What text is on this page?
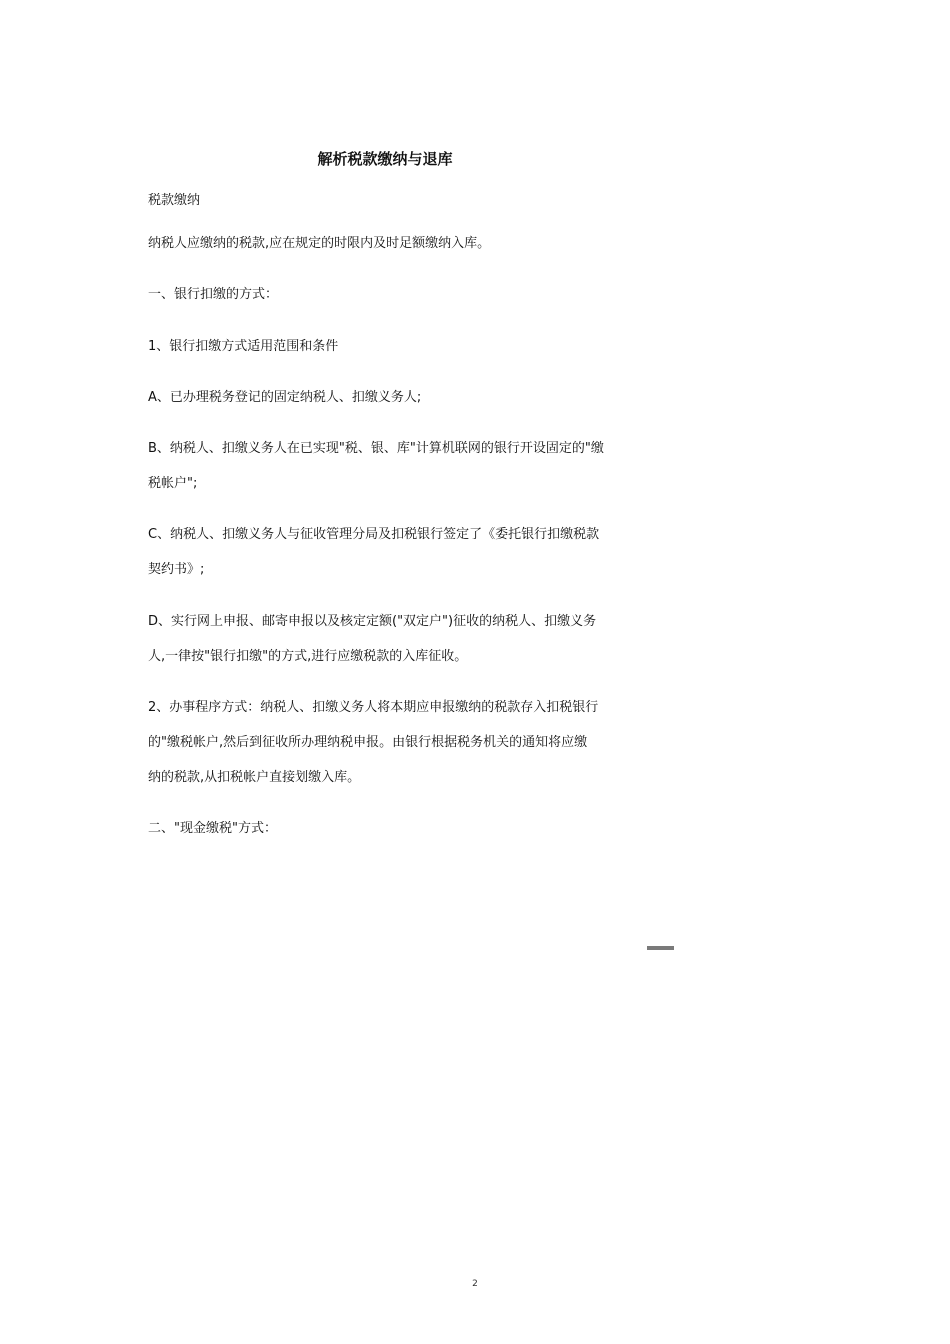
解析税款缴纳与退库

税款缴纳

纳税人应缴纳的税款,应在规定的时限内及时足额缴纳入库。

一、银行扣缴的方式：

1、银行扣缴方式适用范围和条件

A、已办理税务登记的固定纳税人、扣缴义务人;

B、纳税人、扣缴义务人在已实现"税、银、库"计算机联网的银行开设固定的"缴

税帐户";

C、纳税人、扣缴义务人与征收管理分局及扣税银行签定了《委托银行扣缴税款

契约书》;

D、实行网上申报、邮寄申报以及核定定额("双定户")征收的纳税人、扣缴义务

人,一律按"银行扣缴"的方式,进行应缴税款的入库征收。

2、办事程序方式：纳税人、扣缴义务人将本期应申报缴纳的税款存入扣税银行

的"缴税帐户,然后到征收所办理纳税申报。由银行根据税务机关的通知将应缴

纳的税款,从扣税帐户直接划缴入库。

二、"现金缴税"方式：

2
